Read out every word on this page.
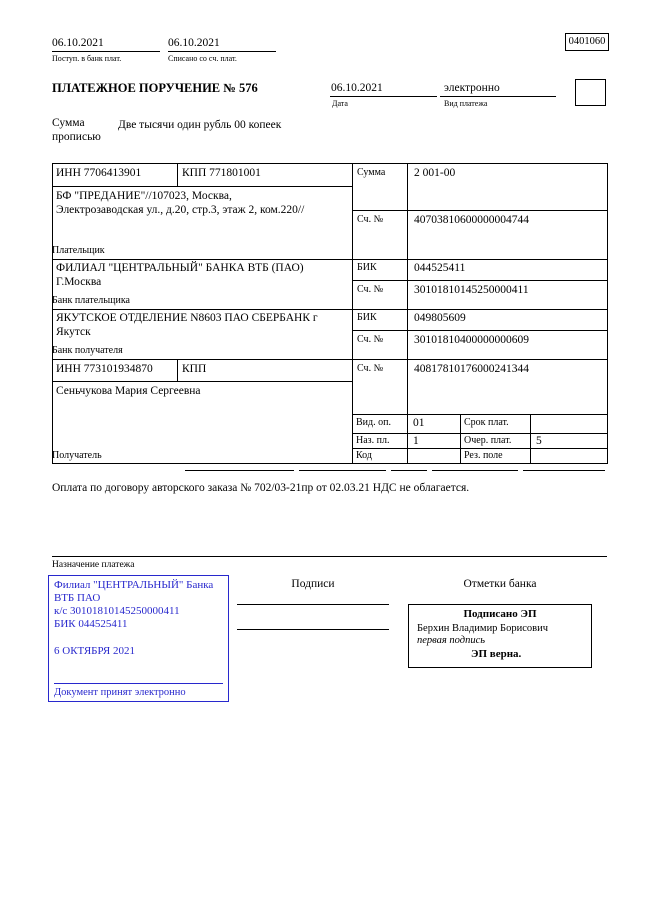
06.10.2021
Поступ. в банк плат.
06.10.2021
Списано со сч. плат.
0401060
ПЛАТЕЖНОЕ ПОРУЧЕНИЕ № 576	06.10.2021
Дата
электронно
Вид платежа
Сумма прописью
Две тысячи один рубль 00 копеек
ИНН 7706413901	КПП 771801001	Сумма 2 001-00
БФ "ПРЕДАНИЕ"//107023, Москва, Электрозаводская ул., д.20, стр.3, этаж 2, ком.220//
Сч. №	40703810600000004744
Плательщик
ФИЛИАЛ "ЦЕНТРАЛЬНЫЙ" БАНКА ВТБ (ПАО)
Г.Москва
БИК	044525411
Сч. №	30101810145250000411
Банк плательщика
ЯКУТСКОЕ ОТДЕЛЕНИЕ N8603 ПАО СБЕРБАНК г Якутск
БИК	049805609
Сч. №	30101810400000000609
Банк получателя
ИНН 773101934870	КПП	Сч. №	40817810176000241344
Сеньчукова Мария Сергеевна
Вид. оп. 01	Срок плат.
Наз. пл. 1	Очер. плат. 5
Код	Рез. поле
Получатель
Оплата по договору авторского заказа № 702/03-21пр от 02.03.21 НДС не облагается.
Назначение платежа
Филиал "ЦЕНТРАЛЬНЫЙ" Банка
ВТБ ПАО
к/с 30101810145250000411
БИК 044525411
6 ОКТЯБРЯ 2021
Документ принят электронно
Подписи	Отметки банка
Подписано ЭП
Берхин Владимир Борисович
первая подпись
ЭП верна.
